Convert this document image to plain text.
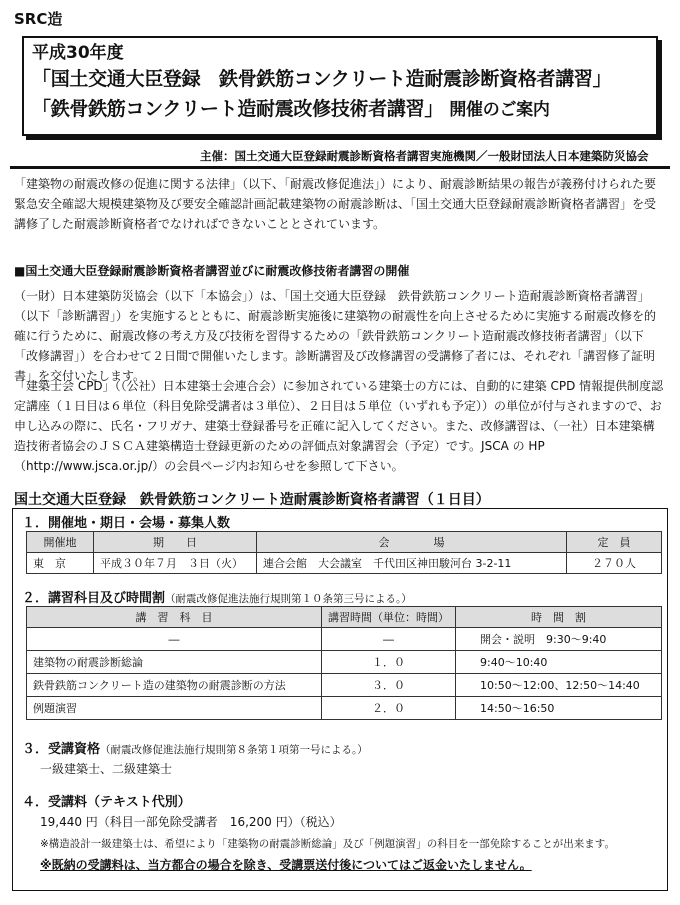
SRC造
平成30年度
「国土交通大臣登録　鉄骨鉄筋コンクリート造耐震診断資格者講習」
「鉄骨鉄筋コンクリート造耐震改修技術者講習」 開催のご案内
主催：国土交通大臣登録耐震診断資格者講習実施機関／一般財団法人日本建築防災協会
「建築物の耐震改修の促進に関する法律」（以下、「耐震改修促進法」）により、耐震診断結果の報告が義務付けられた要緊急安全確認大規模建築物及び要安全確認計画記載建築物の耐震診断は、「国土交通大臣登録耐震診断資格者講習」を受講修了した耐震診断資格者でなければできないこととされています。
■国土交通大臣登録耐震診断資格者講習並びに耐震改修技術者講習の開催
（一財）日本建築防災協会（以下「本協会」）は、「国土交通大臣登録　鉄骨鉄筋コンクリート造耐震診断資格者講習」（以下「診断講習」）を実施するとともに、耐震診断実施後に建築物の耐震性を向上させるために実施する耐震改修を的確に行うために、耐震改修の考え方及び技術を習得するための「鉄骨鉄筋コンクリート造耐震改修技術者講習」（以下「改修講習」）を合わせて２日間で開催いたします。診断講習及び改修講習の受講修了者には、それぞれ「講習修了証明書」を交付いたします。
「建築士会 CPD」（（公社）日本建築士会連合会）に参加されている建築士の方には、自動的に建築 CPD 情報提供制度認定講座（１日目は６単位（科目免除受講者は３単位）、２日目は５単位（いずれも予定））の単位が付与されますので、お申し込みの際に、氏名・フリガナ、建築士登録番号を正確に記入してください。また、改修講習は、（一社）日本建築構造技術者協会のＪＳＣＡ建築構造士登録更新のための評価点対象講習会（予定）です。JSCA の HP（http://www.jsca.or.jp/）の会員ページ内お知らせを参照して下さい。
国土交通大臣登録　鉄骨鉄筋コンクリート造耐震診断資格者講習（１日目）
１．開催地・期日・会場・募集人数
開催地	期　　日	会　　　　場	定　員
東　京	平成３０年７月　３日（火）	連合会館　大会議室　千代田区神田駿河台 3-2-11	２７０人
２．講習科目及び時間割（耐震改修促進法施行規則第１０条第三号による。）
講　習　科　目	講習時間（単位：時間）	時　間　割
―	―	開会・説明　9:30～9:40
建築物の耐震診断総論	１．０	9:40～10:40
鉄骨鉄筋コンクリート造の建築物の耐震診断の方法	３．０	10:50～12:00、12:50～14:40
例題演習	２．０	14:50～16:50
３．受講資格（耐震改修促進法施行規則第８条第１項第一号による。）
一級建築士、二級建築士
４．受講料（テキスト代別）
19,440 円（科目一部免除受講者　16,200 円）（税込）
※構造設計一級建築士は、希望により「建築物の耐震診断総論」及び「例題演習」の科目を一部免除することが出来ます。
※既納の受講料は、当方都合の場合を除き、受講票送付後についてはご返金いたしません。
